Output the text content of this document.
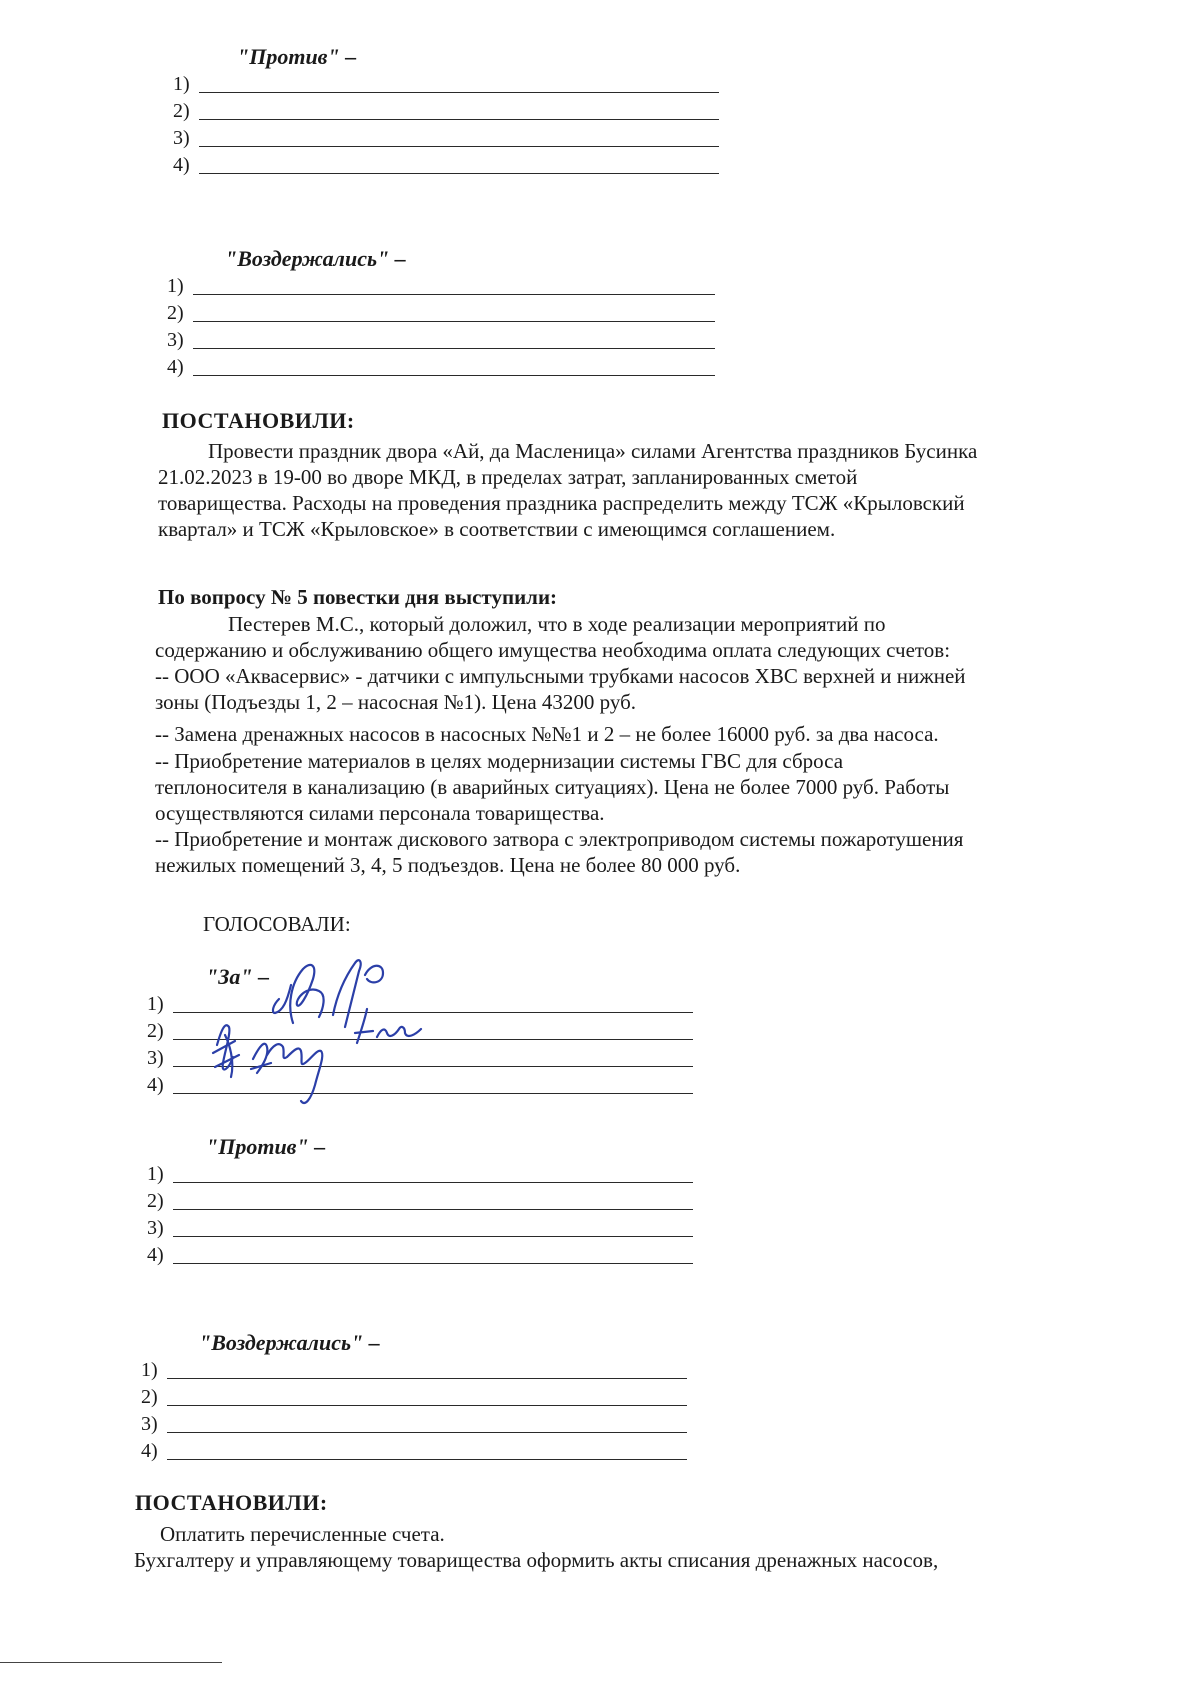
"Против" –
1)
2)
3)
4)
"Воздержались" –
1)
2)
3)
4)
ПОСТАНОВИЛИ:
Провести праздник двора «Ай, да Масленица» силами Агентства праздников Бусинка
21.02.2023 в 19-00 во дворе МКД, в пределах затрат, запланированных сметой
товарищества. Расходы на проведения праздника распределить между ТСЖ «Крыловский
квартал» и ТСЖ «Крыловское» в соответствии с имеющимся соглашением.
По вопросу № 5 повестки дня выступили:
Пестерев М.С., который доложил, что в ходе реализации мероприятий по
содержанию и обслуживанию общего имущества необходима оплата следующих счетов:
-- ООО «Аквасервис» - датчики с импульсными трубками насосов ХВС верхней и нижней
зоны (Подъезды 1, 2 – насосная №1). Цена 43200 руб.
-- Замена дренажных насосов в насосных №№1 и 2 – не более 16000 руб. за два насоса.
-- Приобретение материалов в целях модернизации системы ГВС для сброса
теплоносителя в канализацию (в аварийных ситуациях). Цена не более 7000 руб. Работы
осуществляются силами персонала товарищества.
-- Приобретение и монтаж дискового затвора с электроприводом системы пожаротушения
нежилых помещений 3, 4, 5 подъездов. Цена не более 80 000 руб.
ГОЛОСОВАЛИ:
"За" –
1)
2)
3)
4)
"Против" –
1)
2)
3)
4)
"Воздержались" –
1)
2)
3)
4)
ПОСТАНОВИЛИ:
Оплатить перечисленные счета.
Бухгалтеру и управляющему товарищества оформить акты списания дренажных насосов,
